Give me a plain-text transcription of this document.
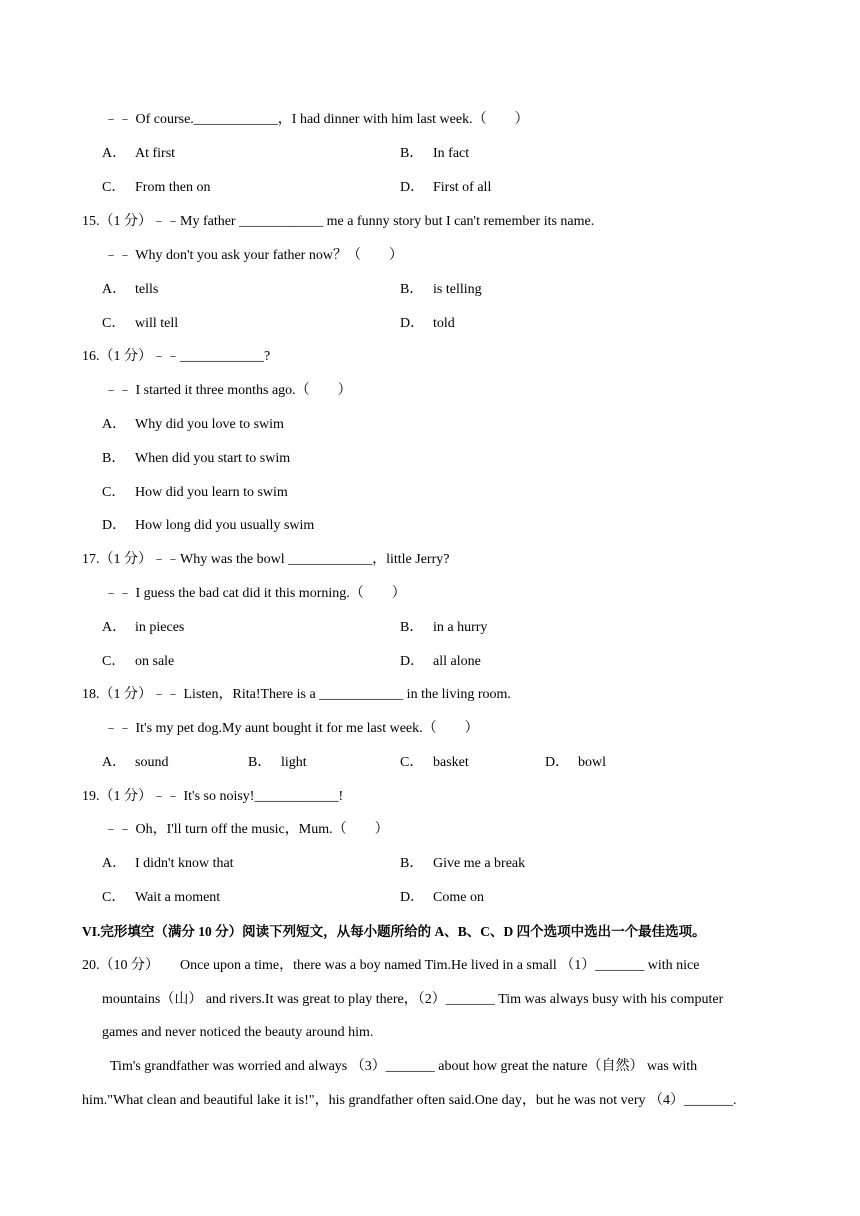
﹣﹣ Of course.____________，I had dinner with him last week.（　　）
A． At first	B． In fact
C． From then on	D． First of all
15.（1 分）﹣﹣My father ____________ me a funny story but I can't remember its name.
﹣﹣ Why don't you ask your father now？（　　）
A． tells	B． is telling
C． will tell	D． told
16.（1 分）﹣﹣____________?
﹣﹣ I started it three months ago.（　　）
A． Why did you love to swim
B． When did you start to swim
C． How did you learn to swim
D． How long did you usually swim
17.（1 分）﹣﹣Why was the bowl ____________，little Jerry?
﹣﹣ I guess the bad cat did it this morning.（　　）
A． in pieces	B． in a hurry
C． on sale	D． all alone
18.（1 分）﹣﹣ Listen，Rita!There is a ____________ in the living room.
﹣﹣ It's my pet dog.My aunt bought it for me last week.（　　）
A． sound	B． light	C． basket	D． bowl
19.（1 分）﹣﹣ It's so noisy!____________!
﹣﹣ Oh，I'll turn off the music，Mum.（　　）
A． I didn't know that	B． Give me a break
C． Wait a moment	D． Come on
VI.完形填空（满分 10 分）阅读下列短文，从每小题所给的 A、B、C、D 四个选项中选出一个最佳选项。
20.（10 分）　　Once upon a time，there was a boy named Tim.He lived in a small （1）_______ with nice
mountains（山） and rivers.It was great to play there，（2）_______ Tim was always busy with his computer
games and never noticed the beauty around him.
Tim's grandfather was worried and always （3）_______ about how great the nature（自然） was with
him."What clean and beautiful lake it is!"，his grandfather often said.One day，but he was not very （4）_______.
